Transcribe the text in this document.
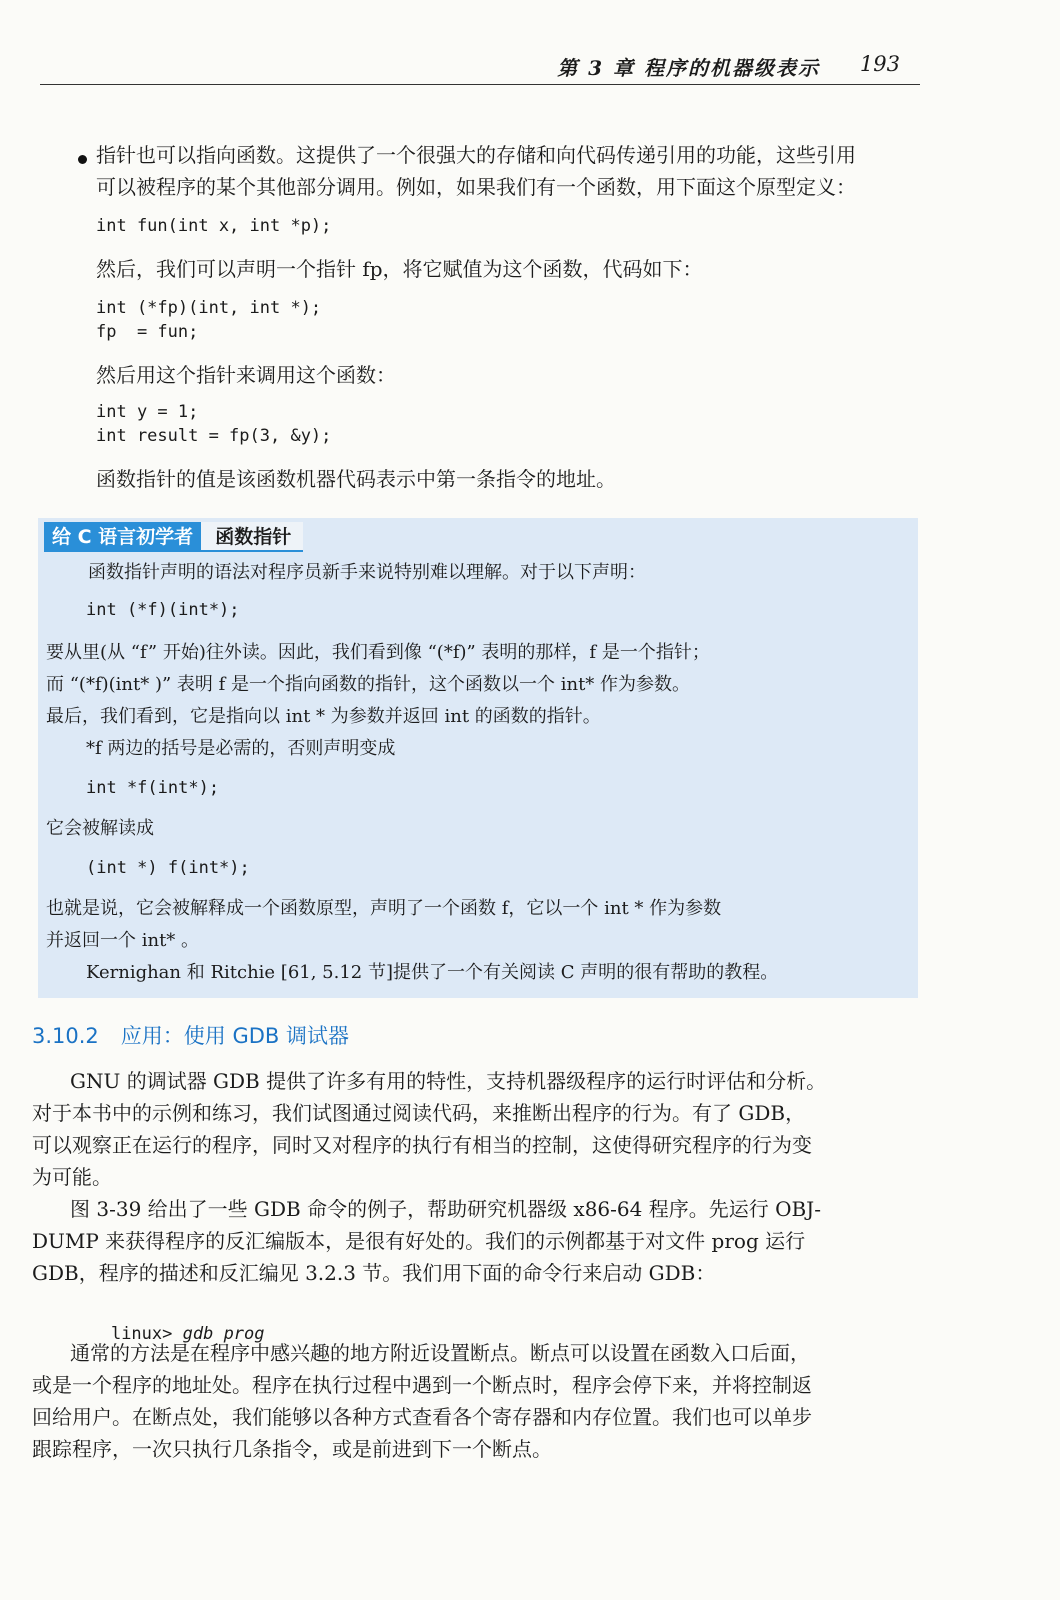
第 3 章 程序的机器级表示 193
指针也可以指向函数。这提供了一个很强大的存储和向代码传递引用的功能，这些引用
可以被程序的某个其他部分调用。例如，如果我们有一个函数，用下面这个原型定义：
int fun(int x, int *p);
然后，我们可以声明一个指针 fp，将它赋值为这个函数，代码如下：
int (*fp)(int, int *);
fp  = fun;
然后用这个指针来调用这个函数：
int y = 1;
int result = fp(3, &y);
函数指针的值是该函数机器代码表示中第一条指令的地址。
函数指针声明的语法对程序员新手来说特别难以理解。对于以下声明：
int (*f)(int*);
要从里(从 “f” 开始)往外读。因此，我们看到像 “(*f)” 表明的那样，f 是一个指针；
而 “(*f)(int* )” 表明 f 是一个指向函数的指针，这个函数以一个 int* 作为参数。
最后，我们看到，它是指向以 int * 为参数并返回 int 的函数的指针。
*f 两边的括号是必需的，否则声明变成
int *f(int*);
它会被解读成
(int *) f(int*);
也就是说，它会被解释成一个函数原型，声明了一个函数 f，它以一个 int * 作为参数
并返回一个 int* 。
Kernighan 和 Ritchie [61, 5.12 节]提供了一个有关阅读 C 声明的很有帮助的教程。
给 C 语言初学者	函数指针
3.10.2 应用：使用 GDB 调试器
GNU 的调试器 GDB 提供了许多有用的特性，支持机器级程序的运行时评估和分析。
对于本书中的示例和练习，我们试图通过阅读代码，来推断出程序的行为。有了 GDB，
可以观察正在运行的程序，同时又对程序的执行有相当的控制，这使得研究程序的行为变
为可能。
图 3-39 给出了一些 GDB 命令的例子，帮助研究机器级 x86-64 程序。先运行 OBJ-
DUMP 来获得程序的反汇编版本，是很有好处的。我们的示例都基于对文件 prog 运行
GDB，程序的描述和反汇编见 3.2.3 节。我们用下面的命令行来启动 GDB：

linux> gdb prog

通常的方法是在程序中感兴趣的地方附近设置断点。断点可以设置在函数入口后面，
或是一个程序的地址处。程序在执行过程中遇到一个断点时，程序会停下来，并将控制返
回给用户。在断点处，我们能够以各种方式查看各个寄存器和内存位置。我们也可以单步
跟踪程序，一次只执行几条指令，或是前进到下一个断点。
